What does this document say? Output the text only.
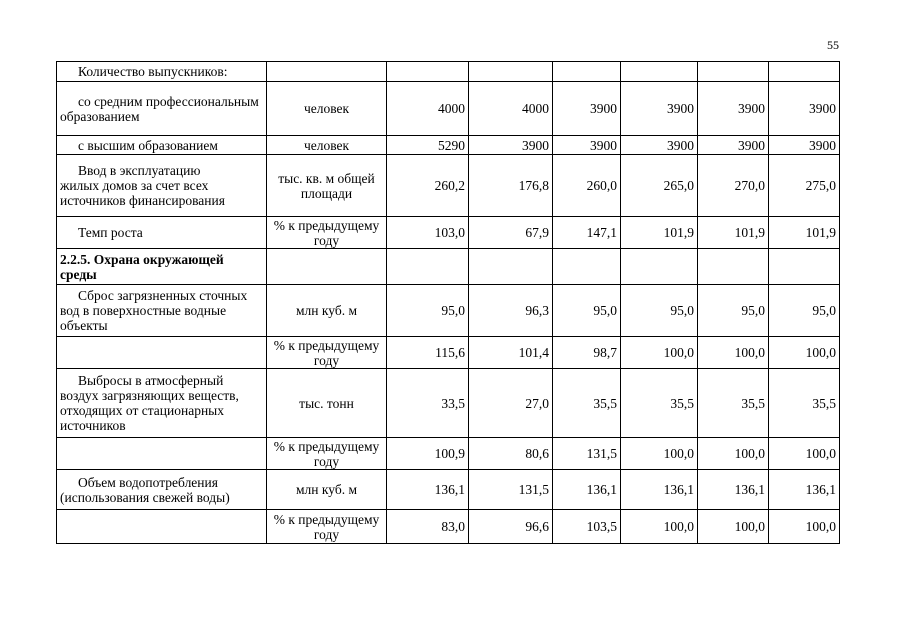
55
Количество выпускников:							

со средним профессиональным образованием	человек	4000	4000	3900	3900	3900	3900

с высшим образованием	человек	5290	3900	3900	3900	3900	3900

Ввод в эксплуатацию жилых домов за счет всех источников финансирования	тыс. кв. м общей площади	260,2	176,8	260,0	265,0	270,0	275,0

Темп роста	% к предыдущему году	103,0	67,9	147,1	101,9	101,9	101,9

2.2.5. Охрана окружающей среды							

Сброс загрязненных сточных вод в поверхностные водные объекты	млн куб. м	95,0	96,3	95,0	95,0	95,0	95,0
	% к предыдущему году	115,6	101,4	98,7	100,0	100,0	100,0

Выбросы в атмосферный воздух загрязняющих веществ, отходящих от стационарных источников	тыс. тонн	33,5	27,0	35,5	35,5	35,5	35,5
	% к предыдущему году	100,9	80,6	131,5	100,0	100,0	100,0

Объем водопотребления (использования свежей воды)	млн куб. м	136,1	131,5	136,1	136,1	136,1	136,1
	% к предыдущему году	83,0	96,6	103,5	100,0	100,0	100,0
